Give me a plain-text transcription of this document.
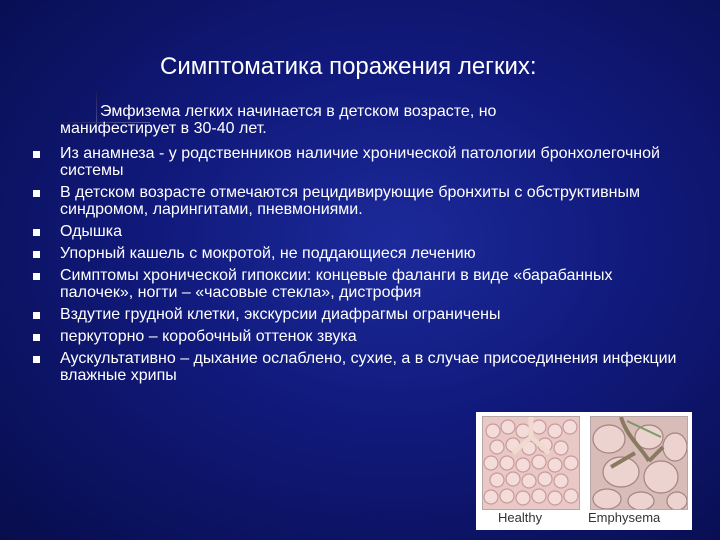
Симптоматика поражения легких:

Эмфизема легких начинается в детском возрасте, но
манифестирует в 30-40 лет.

Из анамнеза - у родственников наличие хронической патологии бронхолегочной системы
В детском возрасте отмечаются рецидивирующие бронхиты с обструктивным синдромом, ларингитами, пневмониями.
Одышка
Упорный кашель с мокротой, не поддающиеся лечению
Симптомы хронической гипоксии: концевые фаланги в виде «барабанных палочек», ногти – «часовые стекла», дистрофия
Вздутие грудной клетки, экскурсии диафрагмы ограничены
перкуторно – коробочный оттенок звука
Аускультативно – дыхание ослаблено, сухие, а в случае присоединения инфекции влажные хрипы
Healthy	Emphysema
